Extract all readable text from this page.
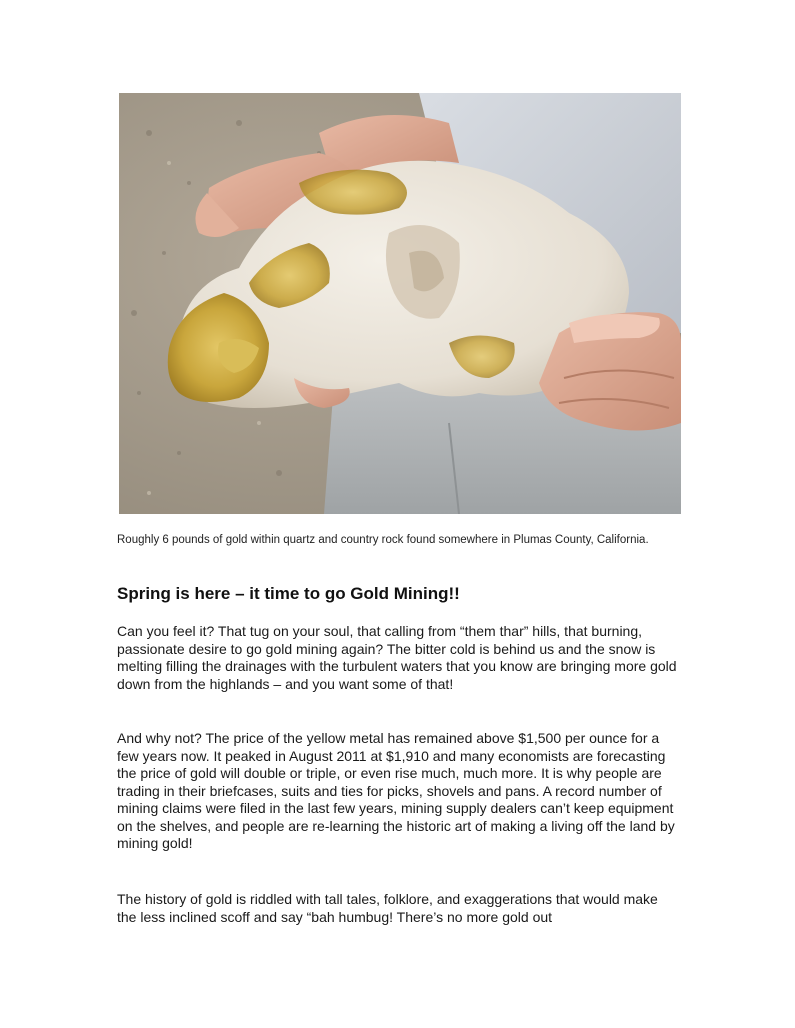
Roughly 6 pounds of gold within quartz and country rock found somewhere in Plumas County, California.

Spring is here – it time to go Gold Mining!!

Can you feel it? That tug on your soul, that calling from “them thar” hills, that burning, passionate desire to go gold mining again? The bitter cold is behind us and the snow is melting filling the drainages with the turbulent waters that you know are bringing more gold down from the highlands – and you want some of that!

And why not? The price of the yellow metal has remained above $1,500 per ounce for a few years now. It peaked in August 2011 at $1,910 and many economists are forecasting the price of gold will double or triple, or even rise much, much more. It is why people are trading in their briefcases, suits and ties for picks, shovels and pans. A record number of mining claims were filed in the last few years, mining supply dealers can’t keep equipment on the shelves, and people are re-learning the historic art of making a living off the land by mining gold!

The history of gold is riddled with tall tales, folklore, and exaggerations that would make the less inclined scoff and say “bah humbug! There’s no more gold out
